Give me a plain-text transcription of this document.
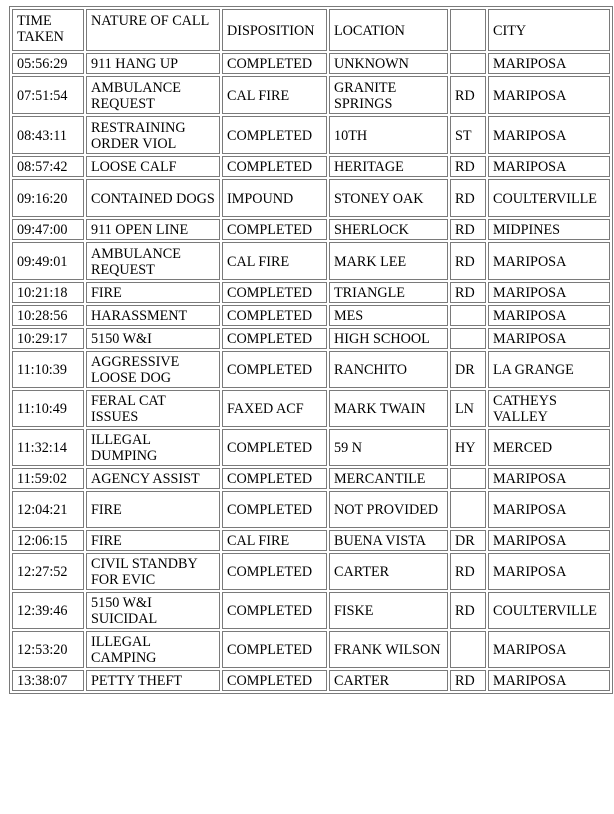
TIME TAKEN	NATURE OF CALL	DISPOSITION	LOCATION		CITY
05:56:29	911 HANG UP	COMPLETED	UNKNOWN		MARIPOSA
07:51:54	AMBULANCE REQUEST	CAL FIRE	GRANITE SPRINGS	RD	MARIPOSA
08:43:11	RESTRAINING ORDER VIOL	COMPLETED	10TH	ST	MARIPOSA
08:57:42	LOOSE CALF	COMPLETED	HERITAGE	RD	MARIPOSA
09:16:20	CONTAINED DOGS	IMPOUND	STONEY OAK	RD	COULTERVILLE
09:47:00	911 OPEN LINE	COMPLETED	SHERLOCK	RD	MIDPINES
09:49:01	AMBULANCE REQUEST	CAL FIRE	MARK LEE	RD	MARIPOSA
10:21:18	FIRE	COMPLETED	TRIANGLE	RD	MARIPOSA
10:28:56	HARASSMENT	COMPLETED	MES		MARIPOSA
10:29:17	5150 W&I	COMPLETED	HIGH SCHOOL		MARIPOSA
11:10:39	AGGRESSIVE LOOSE DOG	COMPLETED	RANCHITO	DR	LA GRANGE
11:10:49	FERAL CAT ISSUES	FAXED ACF	MARK TWAIN	LN	CATHEYS VALLEY
11:32:14	ILLEGAL DUMPING	COMPLETED	59 N	HY	MERCED
11:59:02	AGENCY ASSIST	COMPLETED	MERCANTILE		MARIPOSA
12:04:21	FIRE	COMPLETED	NOT PROVIDED		MARIPOSA
12:06:15	FIRE	CAL FIRE	BUENA VISTA	DR	MARIPOSA
12:27:52	CIVIL STANDBY FOR EVIC	COMPLETED	CARTER	RD	MARIPOSA
12:39:46	5150 W&I SUICIDAL	COMPLETED	FISKE	RD	COULTERVILLE
12:53:20	ILLEGAL CAMPING	COMPLETED	FRANK WILSON		MARIPOSA
13:38:07	PETTY THEFT	COMPLETED	CARTER	RD	MARIPOSA
